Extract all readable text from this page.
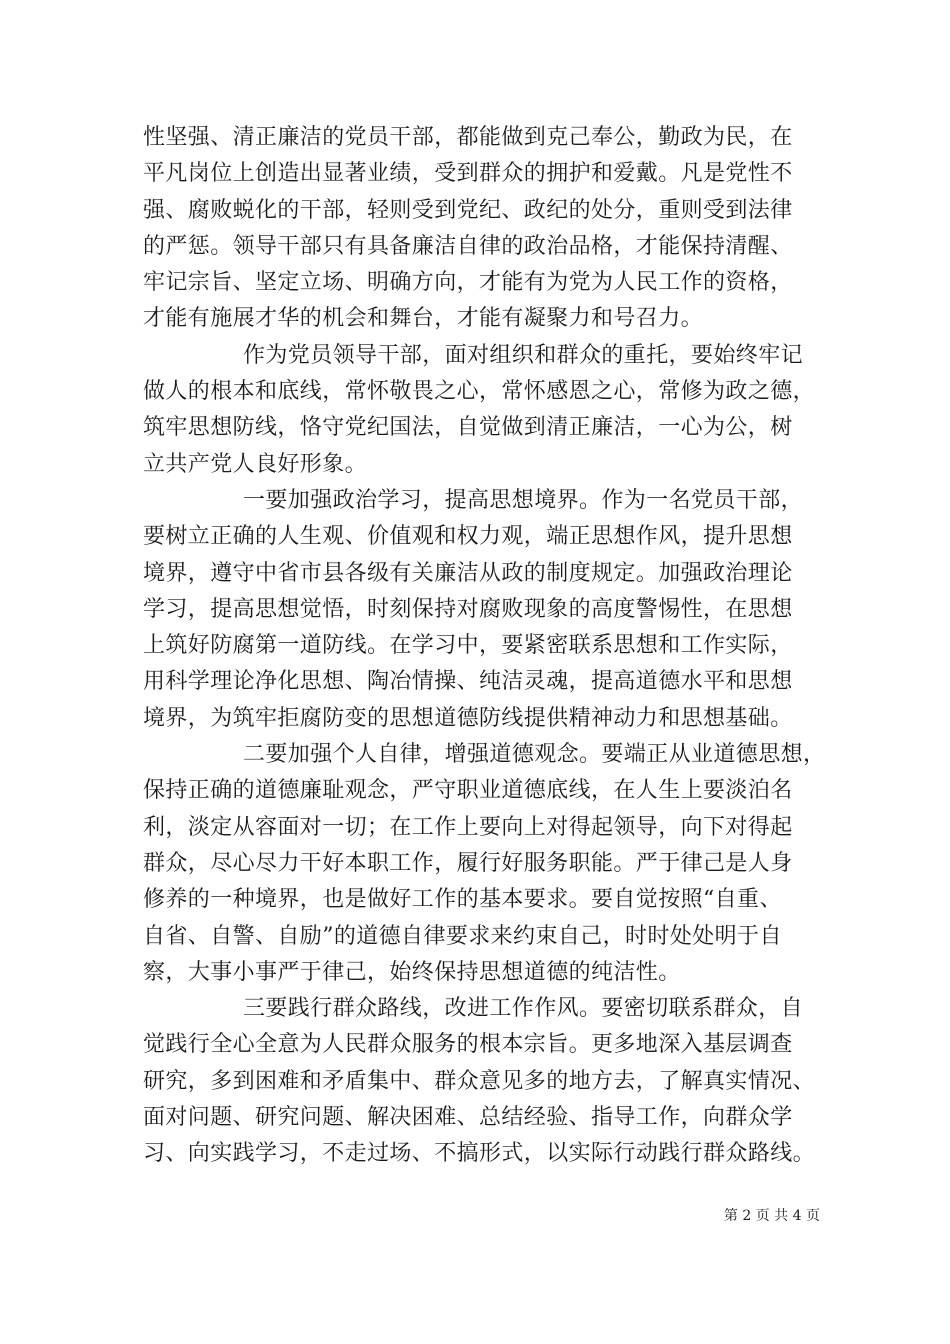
性坚强、清正廉洁的党员干部，都能做到克己奉公，勤政为民，在
平凡岗位上创造出显著业绩，受到群众的拥护和爱戴。凡是党性不
强、腐败蜕化的干部，轻则受到党纪、政纪的处分，重则受到法律
的严惩。领导干部只有具备廉洁自律的政治品格，才能保持清醒、
牢记宗旨、坚定立场、明确方向，才能有为党为人民工作的资格，
才能有施展才华的机会和舞台，才能有凝聚力和号召力。
作为党员领导干部，面对组织和群众的重托，要始终牢记
做人的根本和底线，常怀敬畏之心，常怀感恩之心，常修为政之德，
筑牢思想防线，恪守党纪国法，自觉做到清正廉洁，一心为公，树
立共产党人良好形象。
一要加强政治学习，提高思想境界。作为一名党员干部，
要树立正确的人生观、价值观和权力观，端正思想作风，提升思想
境界，遵守中省市县各级有关廉洁从政的制度规定。加强政治理论
学习，提高思想觉悟，时刻保持对腐败现象的高度警惕性，在思想
上筑好防腐第一道防线。在学习中，要紧密联系思想和工作实际，
用科学理论净化思想、陶冶情操、纯洁灵魂，提高道德水平和思想
境界，为筑牢拒腐防变的思想道德防线提供精神动力和思想基础。
二要加强个人自律，增强道德观念。要端正从业道德思想，
保持正确的道德廉耻观念，严守职业道德底线，在人生上要淡泊名
利，淡定从容面对一切；在工作上要向上对得起领导，向下对得起
群众，尽心尽力干好本职工作，履行好服务职能。严于律己是人身
修养的一种境界，也是做好工作的基本要求。要自觉按照“自重、
自省、自警、自励”的道德自律要求来约束自己，时时处处明于自
察，大事小事严于律己，始终保持思想道德的纯洁性。
三要践行群众路线，改进工作作风。要密切联系群众，自
觉践行全心全意为人民群众服务的根本宗旨。更多地深入基层调查
研究，多到困难和矛盾集中、群众意见多的地方去，了解真实情况、
面对问题、研究问题、解决困难、总结经验、指导工作，向群众学
习、向实践学习，不走过场、不搞形式，以实际行动践行群众路线。
第 2 页 共 4 页
